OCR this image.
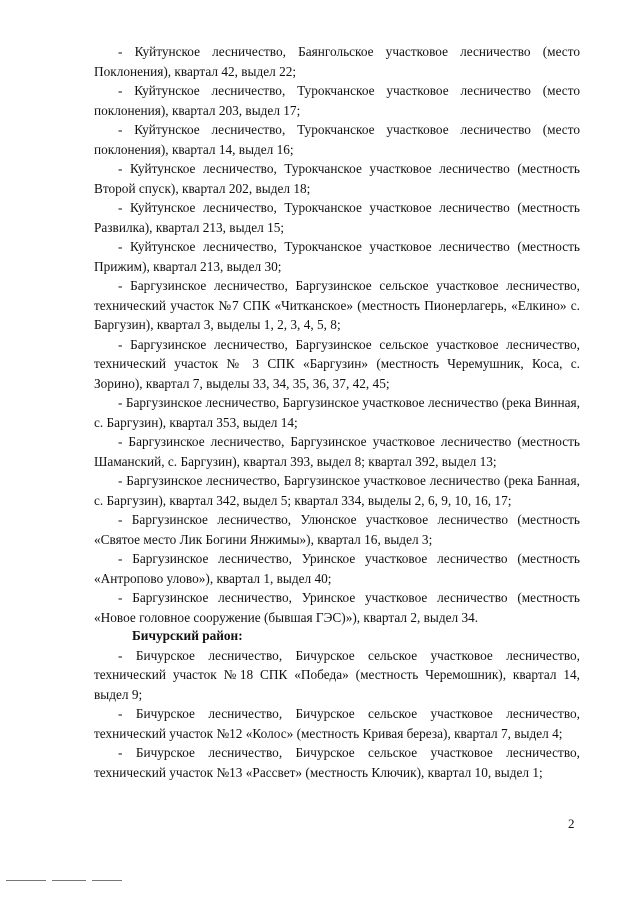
- Куйтунское лесничество, Баянгольское участковое лесничество (место Поклонения), квартал 42, выдел 22;

- Куйтунское лесничество, Турокчанское участковое лесничество (место поклонения), квартал 203, выдел 17;

- Куйтунское лесничество, Турокчанское участковое лесничество (место поклонения), квартал 14, выдел 16;

- Куйтунское лесничество, Турокчанское участковое лесничество (местность Второй спуск), квартал 202, выдел 18;

- Куйтунское лесничество, Турокчанское участковое лесничество (местность Развилка), квартал 213, выдел 15;

- Куйтунское лесничество, Турокчанское участковое лесничество (местность Прижим), квартал 213, выдел 30;

- Баргузинское лесничество, Баргузинское сельское участковое лесничество, технический участок №7 СПК «Читканское» (местность Пионерлагерь, «Елкино» с. Баргузин), квартал 3, выделы 1, 2, 3, 4, 5, 8;

- Баргузинское лесничество, Баргузинское сельское участковое лесничество, технический участок № 3 СПК «Баргузин» (местность Черемушник, Коса, с. Зорино), квартал 7, выделы 33, 34, 35, 36, 37, 42, 45;

- Баргузинское лесничество, Баргузинское участковое лесничество (река Винная, с. Баргузин), квартал 353, выдел 14;

- Баргузинское лесничество, Баргузинское участковое лесничество (местность Шаманский, с. Баргузин), квартал 393, выдел 8; квартал 392, выдел 13;

- Баргузинское лесничество, Баргузинское участковое лесничество (река Банная, с. Баргузин), квартал 342, выдел 5; квартал 334, выделы 2, 6, 9, 10, 16, 17;

- Баргузинское лесничество, Улюнское участковое лесничество (местность «Святое место Лик Богини Янжимы»), квартал 16, выдел 3;

- Баргузинское лесничество, Уринское участковое лесничество (местность «Антропово улово»), квартал 1, выдел 40;

- Баргузинское лесничество, Уринское участковое лесничество (местность «Новое головное сооружение (бывшая ГЭС)»), квартал 2, выдел 34.

Бичурский район:

- Бичурское лесничество, Бичурское сельское участковое лесничество, технический участок №18 СПК «Победа» (местность Черемошник), квартал 14, выдел 9;

- Бичурское лесничество, Бичурское сельское участковое лесничество, технический участок №12 «Колос» (местность Кривая береза), квартал 7, выдел 4;

- Бичурское лесничество, Бичурское сельское участковое лесничество, технический участок №13 «Рассвет» (местность Ключик), квартал 10, выдел 1;

2
